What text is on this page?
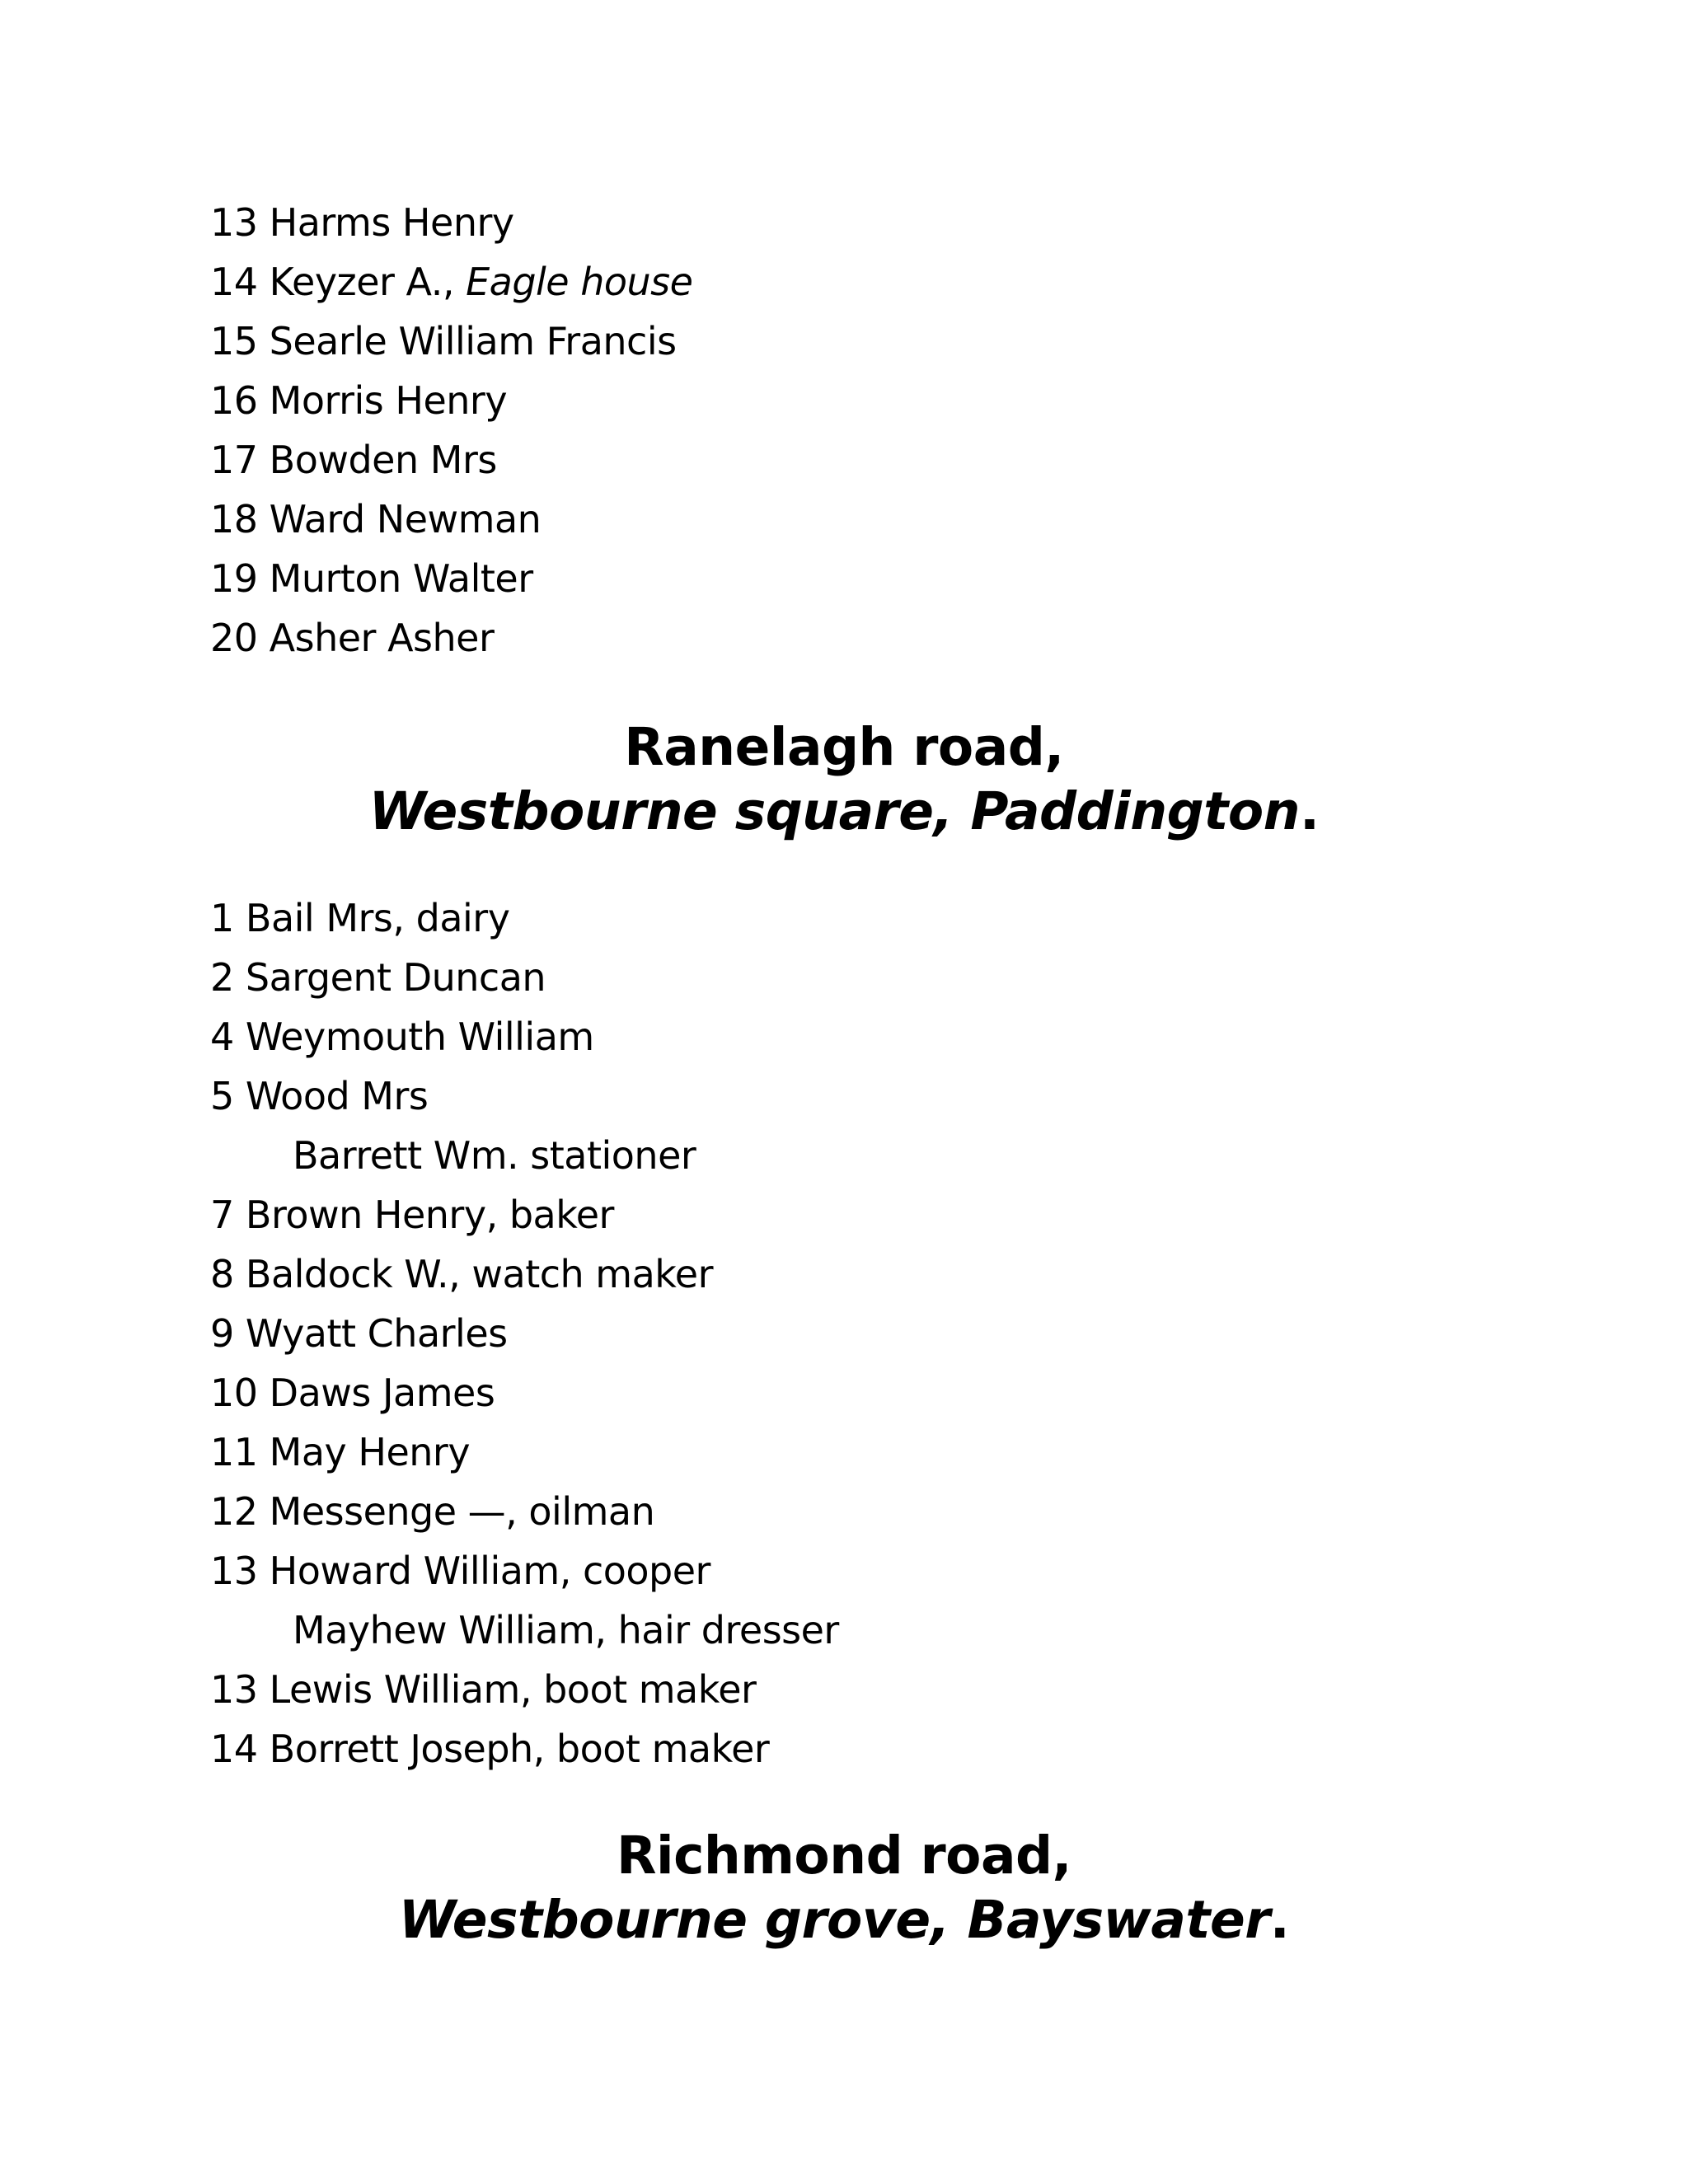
13 Harms Henry
14 Keyzer A., Eagle house
15 Searle William Francis
16 Morris Henry
17 Bowden Mrs
18 Ward Newman
19 Murton Walter
20 Asher Asher
Ranelagh road,
Westbourne square, Paddington.
1 Bail Mrs, dairy
2 Sargent Duncan
4 Weymouth William
5 Wood Mrs
Barrett Wm. stationer
7 Brown Henry, baker
8 Baldock W., watch maker
9 Wyatt Charles
10 Daws James
11 May Henry
12 Messenge —, oilman
13 Howard William, cooper
Mayhew William, hair dresser
13 Lewis William, boot maker
14 Borrett Joseph, boot maker
Richmond road,
Westbourne grove, Bayswater.
